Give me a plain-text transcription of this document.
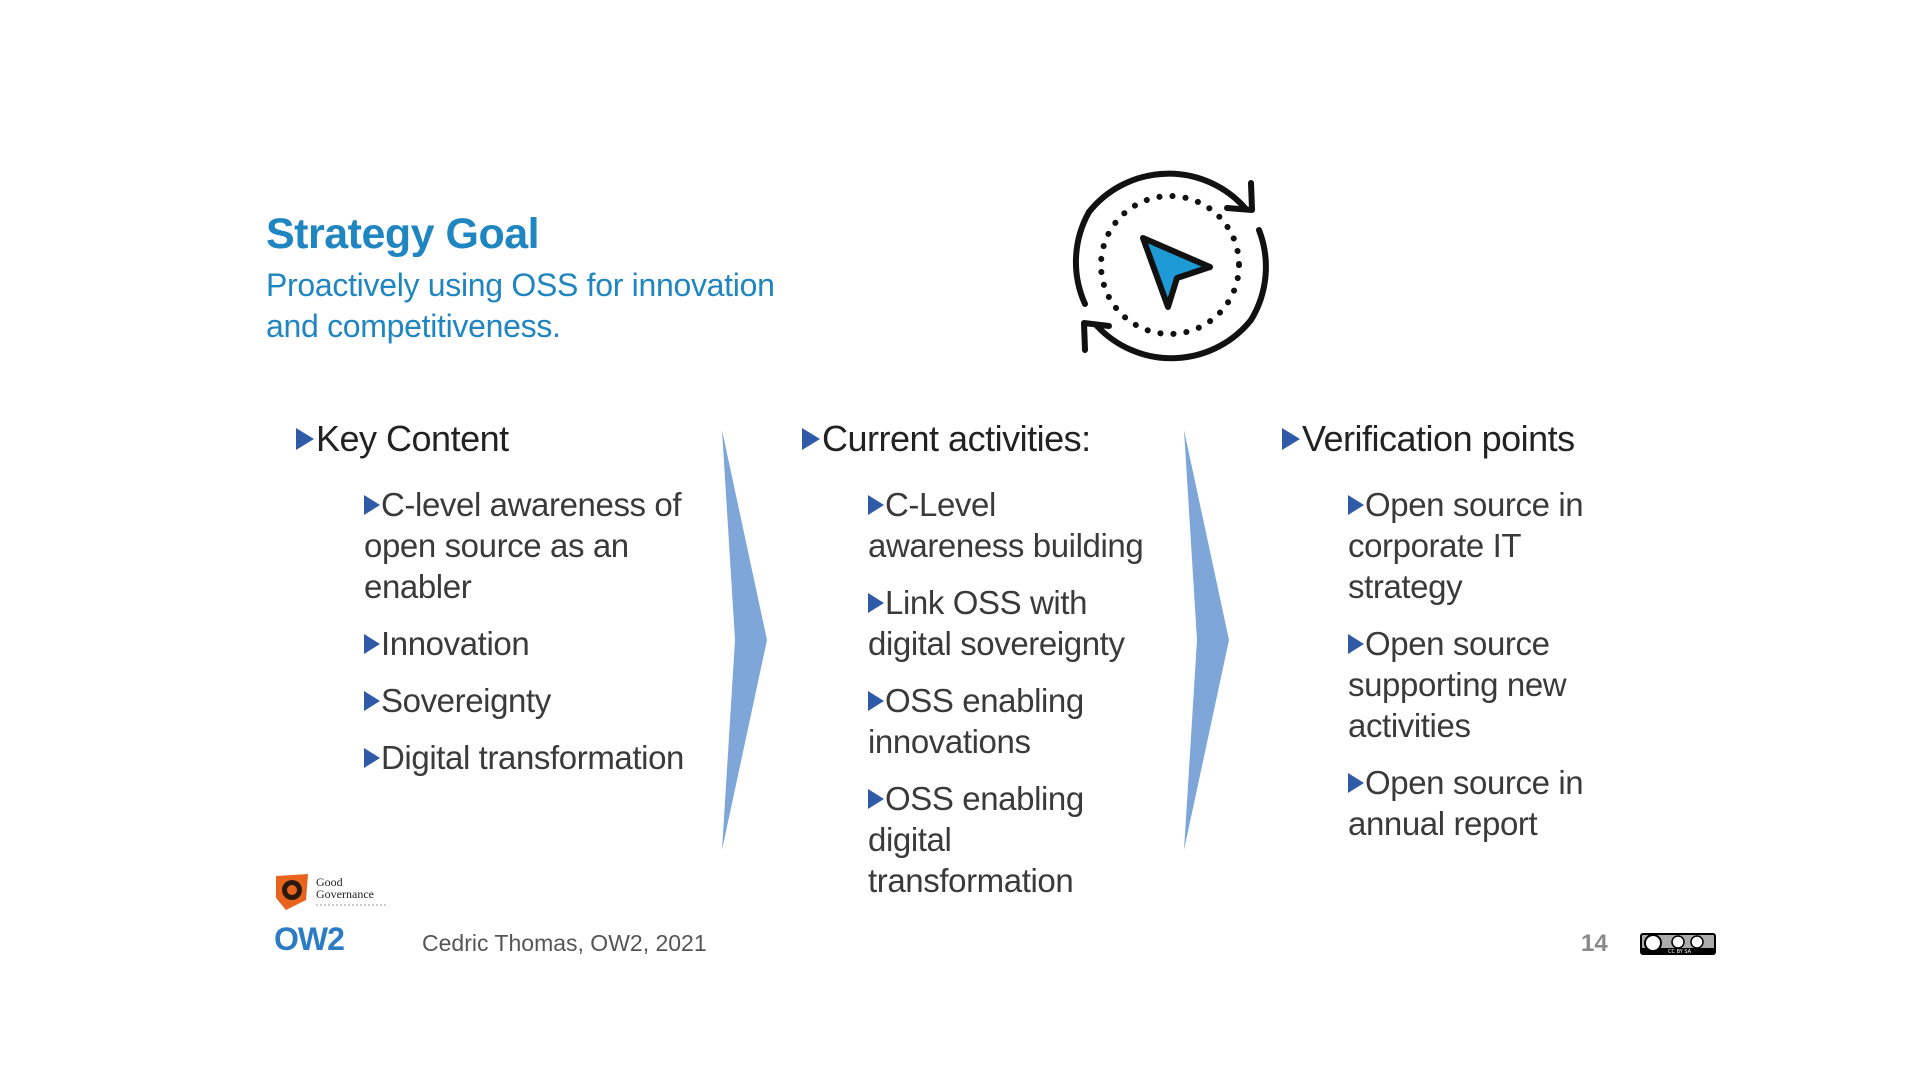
Strategy Goal
Proactively using OSS for innovation and competitiveness.
Key Content
C-level awareness of open source as an enabler
Innovation
Sovereignty
Digital transformation
Current activities:
C-Level awareness building
Link OSS with digital sovereignty
OSS enabling innovations
OSS enabling digital transformation
Verification points
Open source in corporate IT strategy
Open source supporting new activities
Open source in annual report
Good
Governance
OW2	Cedric Thomas, OW2, 2021	14	CC BY SA
